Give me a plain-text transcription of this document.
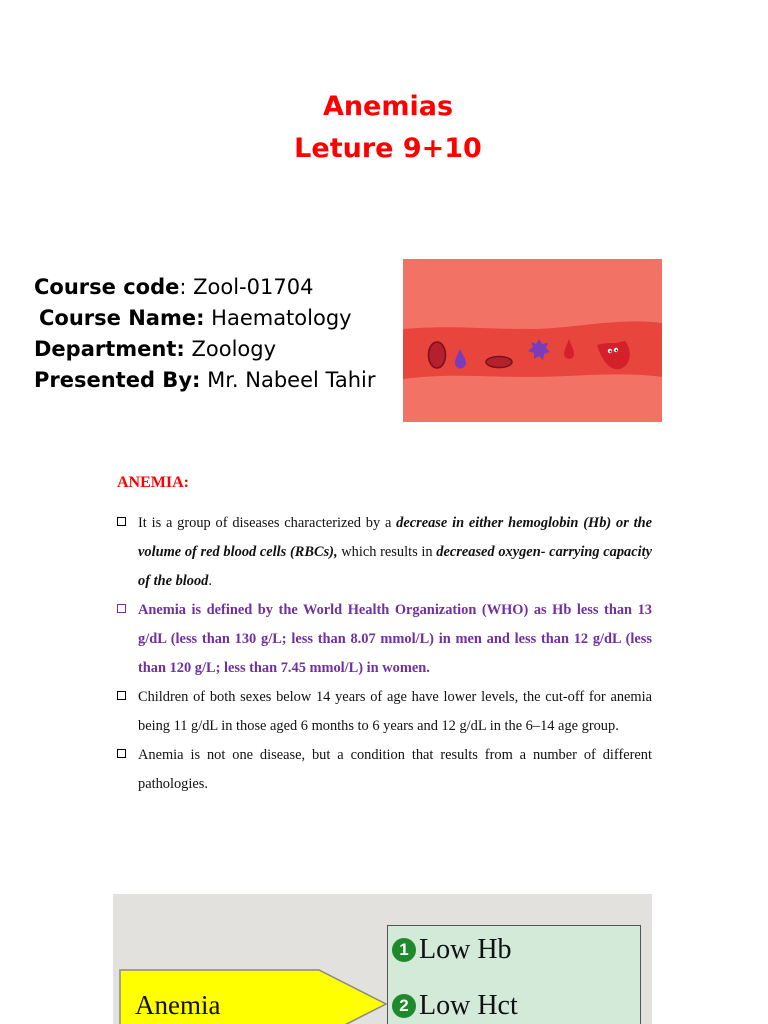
Anemias
Leture 9+10
Course code: Zool-01704
Course Name: Haematology
Department: Zoology
Presented By: Mr. Nabeel Tahir
ANEMIA:
It is a group of diseases characterized by a decrease in either hemoglobin (Hb) or the volume of red blood cells (RBCs), which results in decreased oxygen- carrying capacity of the blood.
Anemia is defined by the World Health Organization (WHO) as Hb less than 13 g/dL (less than 130 g/L; less than 8.07 mmol/L) in men and less than 12 g/dL (less than 120 g/L; less than 7.45 mmol/L) in women.
Children of both sexes below 14 years of age have lower levels, the cut-off for anemia being 11 g/dL in those aged 6 months to 6 years and 12 g/dL in the 6–14 age group.
Anemia is not one disease, but a condition that results from a number of different pathologies.
Anemia
1 Low Hb
2 Low Hct
